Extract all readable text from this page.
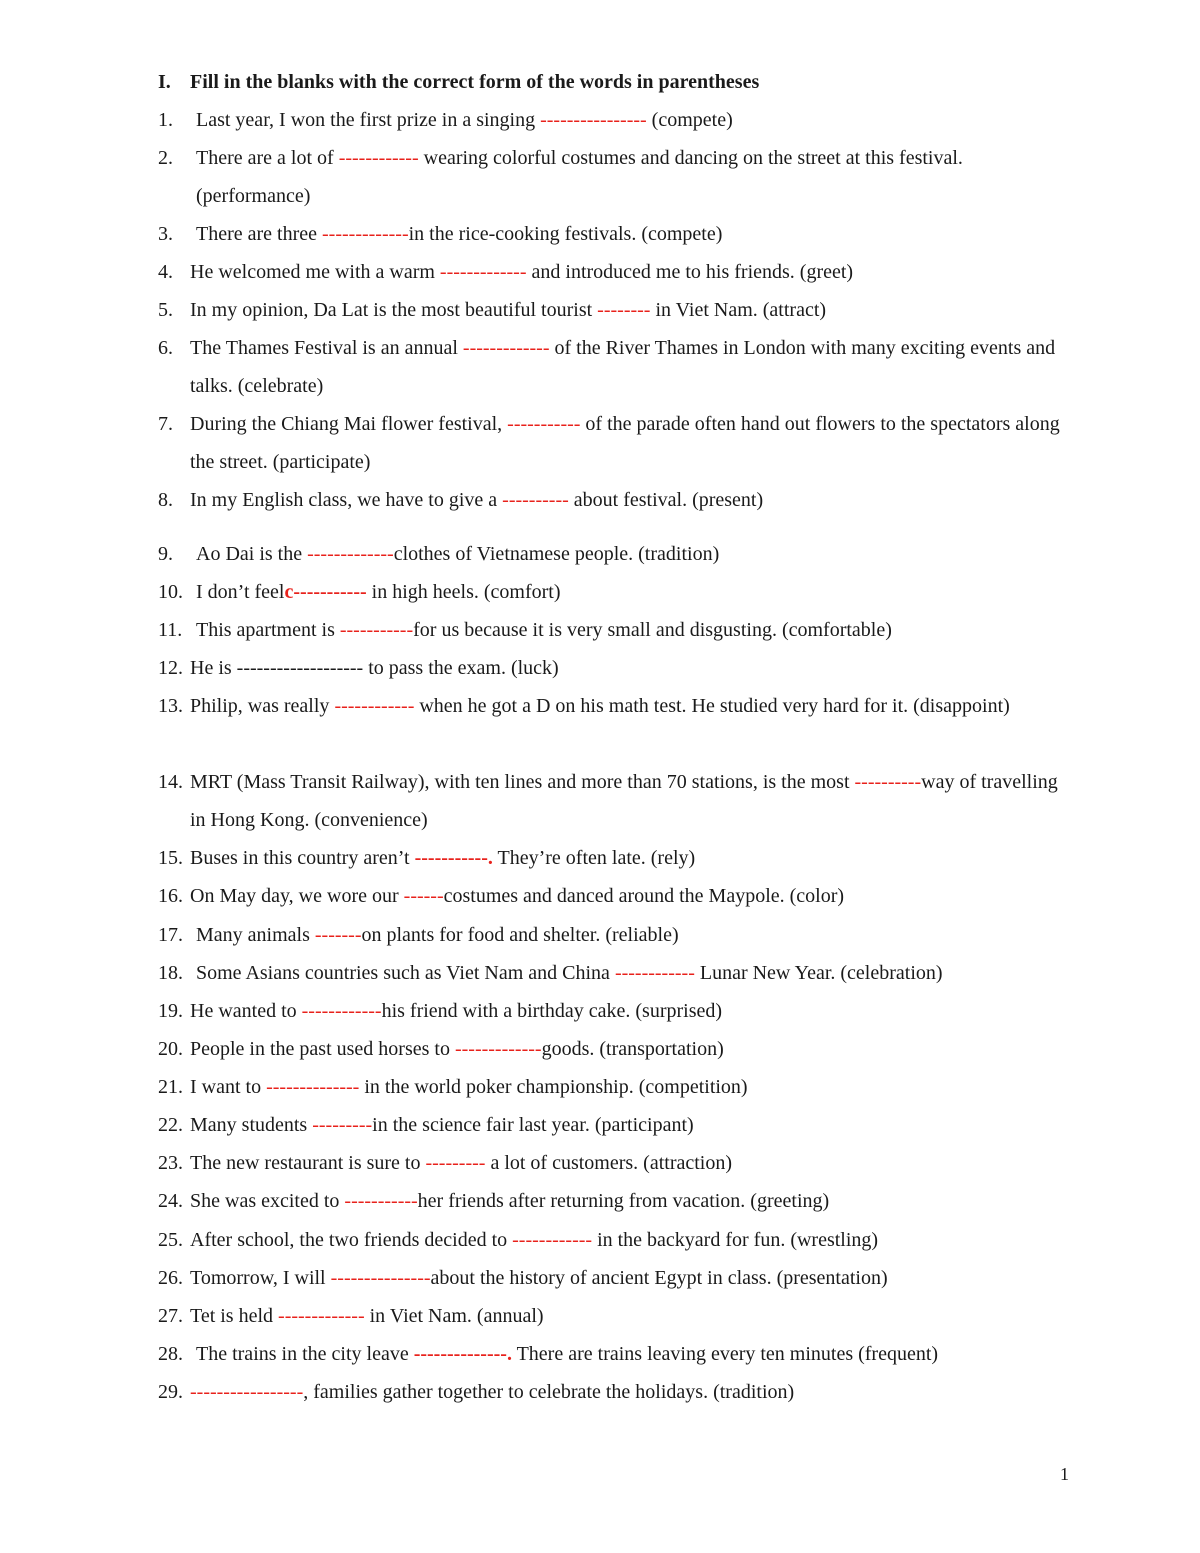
I. Fill in the blanks with the correct form of the words in parentheses
1. Last year, I won the first prize in a singing ---------------- (compete)
2. There are a lot of ------------ wearing colorful costumes and dancing on the street at this festival. (performance)
3. There are three -------------in the rice-cooking festivals. (compete)
4. He welcomed me with a warm ------------- and introduced me to his friends. (greet)
5. In my opinion, Da Lat is the most beautiful tourist -------- in Viet Nam. (attract)
6. The Thames Festival is an annual ------------- of the River Thames in London with many exciting events and talks. (celebrate)
7. During the Chiang Mai flower festival, ----------- of the parade often hand out flowers to the spectators along the street. (participate)
8. In my English class, we have to give a ---------- about festival. (present)
9. Ao Dai is the -------------clothes of Vietnamese people. (tradition)
10. I don’t feelc----------- in high heels. (comfort)
11. This apartment is -----------for us because it is very small and disgusting. (comfortable)
12. He is ------------------- to pass the exam. (luck)
13. Philip, was really ------------ when he got a D on his math test. He studied very hard for it. (disappoint)
14. MRT (Mass Transit Railway), with ten lines and more than 70 stations, is the most ----------way of travelling in Hong Kong. (convenience)
15. Buses in this country aren’t -----------. They’re often late. (rely)
16. On May day, we wore our ------costumes and danced around the Maypole. (color)
17. Many animals -------on plants for food and shelter. (reliable)
18. Some Asians countries such as Viet Nam and China ------------ Lunar New Year. (celebration)
19. He wanted to ------------his friend with a birthday cake. (surprised)
20. People in the past used horses to -------------goods. (transportation)
21. I want to -------------- in the world poker championship. (competition)
22. Many students ---------in the science fair last year. (participant)
23. The new restaurant is sure to --------- a lot of customers. (attraction)
24. She was excited to -----------her friends after returning from vacation. (greeting)
25. After school, the two friends decided to ------------ in the backyard for fun. (wrestling)
26. Tomorrow, I will ---------------about the history of ancient Egypt in class. (presentation)
27. Tet is held ------------- in Viet Nam. (annual)
28. The trains in the city leave --------------. There are trains leaving every ten minutes (frequent)
29. -----------------, families gather together to celebrate the holidays. (tradition)
1
